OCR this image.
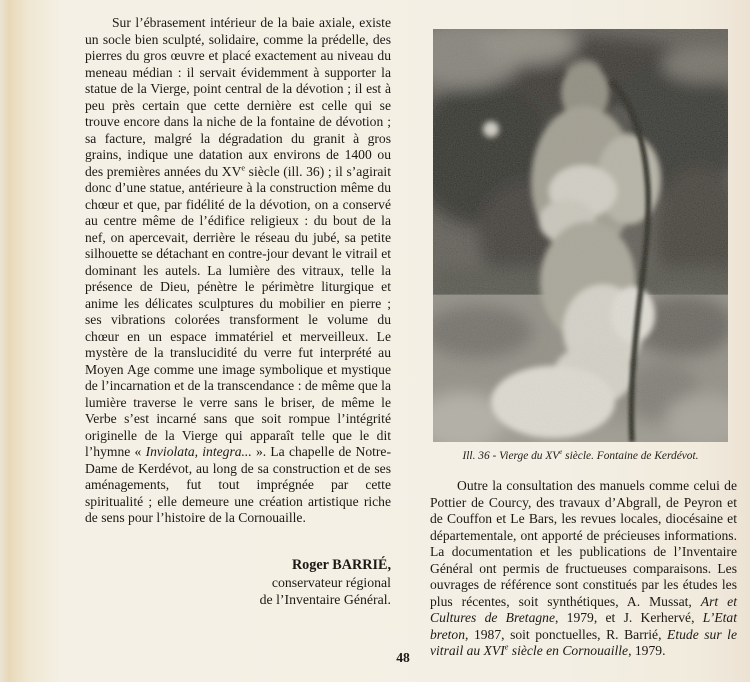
Sur l’ébrasement intérieur de la baie axiale, existe un socle bien sculpté, solidaire, comme la prédelle, des pierres du gros œuvre et placé exactement au niveau du meneau médian : il servait évidemment à supporter la statue de la Vierge, point central de la dévotion ; il est à peu près certain que cette dernière est celle qui se trouve encore dans la niche de la fontaine de dévotion ; sa facture, malgré la dégradation du granit à gros grains, indique une datation aux environs de 1400 ou des premières années du XVe siècle (ill. 36) ; il s’agirait donc d’une statue, antérieure à la construction même du chœur et que, par fidélité de la dévotion, on a conservé au centre même de l’édifice religieux : du bout de la nef, on apercevait, derrière le réseau du jubé, sa petite silhouette se détachant en contre-jour devant le vitrail et dominant les autels. La lumière des vitraux, telle la présence de Dieu, pénètre le périmètre liturgique et anime les délicates sculptures du mobilier en pierre ; ses vibrations colorées transforment le volume du chœur en un espace immatériel et merveilleux. Le mystère de la translucidité du verre fut interprété au Moyen Age comme une image symbolique et mystique de l’incarnation et de la transcendance : de même que la lumière traverse le verre sans le briser, de même le Verbe s’est incarné sans que soit rompue l’intégrité originelle de la Vierge qui apparaît telle que le dit l’hymne « Inviolata, integra... ». La chapelle de Notre-Dame de Kerdévot, au long de sa construction et de ses aménagements, fut tout imprégnée par cette spiritualité ; elle demeure une création artistique riche de sens pour l’histoire de la Cornouaille.
Roger BARRIÉ,
conservateur régional
de l’Inventaire Général.
Ill. 36 - Vierge du XVe siècle. Fontaine de Kerdévot.
Outre la consultation des manuels comme celui de Pottier de Courcy, des travaux d’Abgrall, de Peyron et de Couffon et Le Bars, les revues locales, diocésaine et départementale, ont apporté de précieuses informations. La documentation et les publications de l’Inventaire Général ont permis de fructueuses comparaisons. Les ouvrages de référence sont constitués par les études les plus récentes, soit synthétiques, A. Mussat, Art et Cultures de Bretagne, 1979, et J. Kerhervé, L’Etat breton, 1987, soit ponctuelles, R. Barrié, Etude sur le vitrail au XVIe siècle en Cornouaille, 1979.
48
